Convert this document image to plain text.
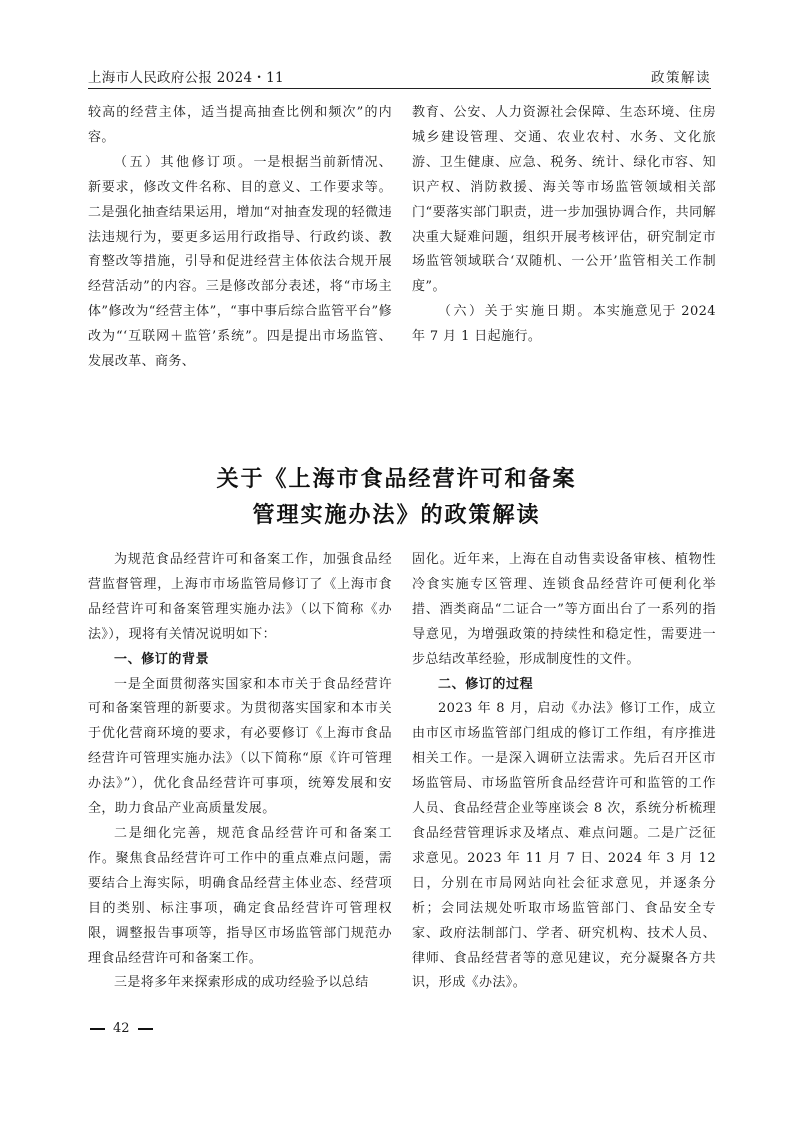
上海市人民政府公报 2024・11	政策解读

较高的经营主体，适当提高抽查比例和频次”的内容。

（五）其他修订项。一是根据当前新情况、新要求，修改文件名称、目的意义、工作要求等。二是强化抽查结果运用，增加“对抽查发现的轻微违法违规行为，要更多运用行政指导、行政约谈、教育整改等措施，引导和促进经营主体依法合规开展经营活动”的内容。三是修改部分表述，将“市场主体”修改为“经营主体”，“事中事后综合监管平台”修改为“‘互联网＋监管’系统”。四是提出市场监管、发展改革、商务、

教育、公安、人力资源社会保障、生态环境、住房城乡建设管理、交通、农业农村、水务、文化旅游、卫生健康、应急、税务、统计、绿化市容、知识产权、消防救援、海关等市场监管领域相关部门“要落实部门职责，进一步加强协调合作，共同解决重大疑难问题，组织开展考核评估，研究制定市场监管领域联合‘双随机、一公开’监管相关工作制度”。

（六）关于实施日期。本实施意见于 2024 年 7 月 1 日起施行。

关于《上海市食品经营许可和备案
管理实施办法》的政策解读

为规范食品经营许可和备案工作，加强食品经营监督管理，上海市市场监管局修订了《上海市食品经营许可和备案管理实施办法》（以下简称《办法》），现将有关情况说明如下：

一、修订的背景

一是全面贯彻落实国家和本市关于食品经营许可和备案管理的新要求。为贯彻落实国家和本市关于优化营商环境的要求，有必要修订《上海市食品经营许可管理实施办法》（以下简称“原《许可管理办法》”），优化食品经营许可事项，统筹发展和安全，助力食品产业高质量发展。

二是细化完善，规范食品经营许可和备案工作。聚焦食品经营许可工作中的重点难点问题，需要结合上海实际，明确食品经营主体业态、经营项目的类别、标注事项，确定食品经营许可管理权限，调整报告事项等，指导区市场监管部门规范办理食品经营许可和备案工作。

三是将多年来探索形成的成功经验予以总结

固化。近年来，上海在自动售卖设备审核、植物性冷食实施专区管理、连锁食品经营许可便利化举措、酒类商品“二证合一”等方面出台了一系列的指导意见，为增强政策的持续性和稳定性，需要进一步总结改革经验，形成制度性的文件。

二、修订的过程

2023 年 8 月，启动《办法》修订工作，成立由市区市场监管部门组成的修订工作组，有序推进相关工作。一是深入调研立法需求。先后召开区市场监管局、市场监管所食品经营许可和监管的工作人员、食品经营企业等座谈会 8 次，系统分析梳理食品经营管理诉求及堵点、难点问题。二是广泛征求意见。2023 年 11 月 7 日、2024 年 3 月 12 日，分别在市局网站向社会征求意见，并逐条分析；会同法规处听取市场监管部门、食品安全专家、政府法制部门、学者、研究机构、技术人员、律师、食品经营者等的意见建议，充分凝聚各方共识，形成《办法》。

42
